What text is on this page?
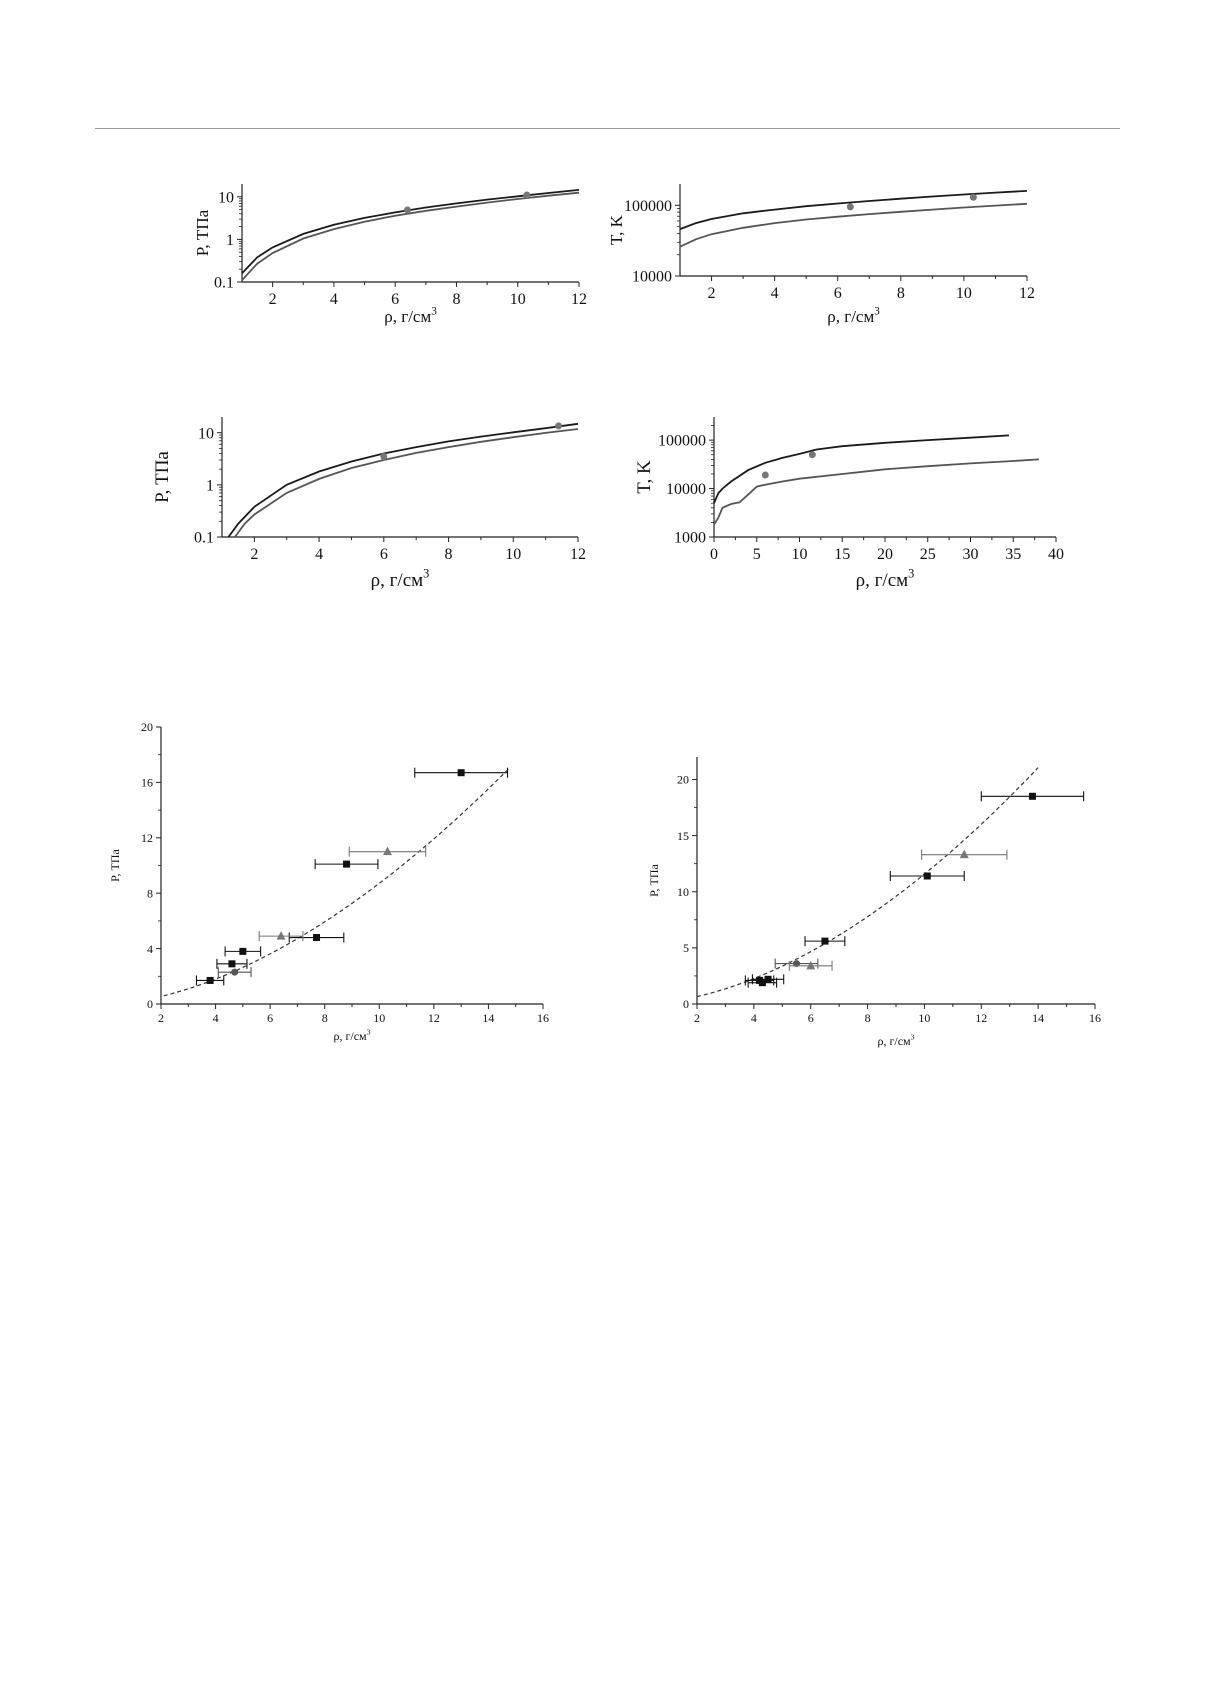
2	4	6	8	10	12
0.1
1
10
ρ, $г/см^3$
P, ТПа
2	4	6	8	10	12
10000
100000
ρ, $г/см^3$
T, K
2	4	6	8	10	12
0.1
1
10
ρ, $г/см^3$
P, ТПа
0 5 10 15 20 25 30 35 40
1000
10000
100000
ρ, $г/см^3$
T, K
2	4	6	8	10	12	14	16
0
4
8
12
16
20
ρ, $г/см^3$
P, ТПа
2	4	6	8	10	12	14	16
0
5
10
15
20
ρ, $г/см^3$
P, ТПа
